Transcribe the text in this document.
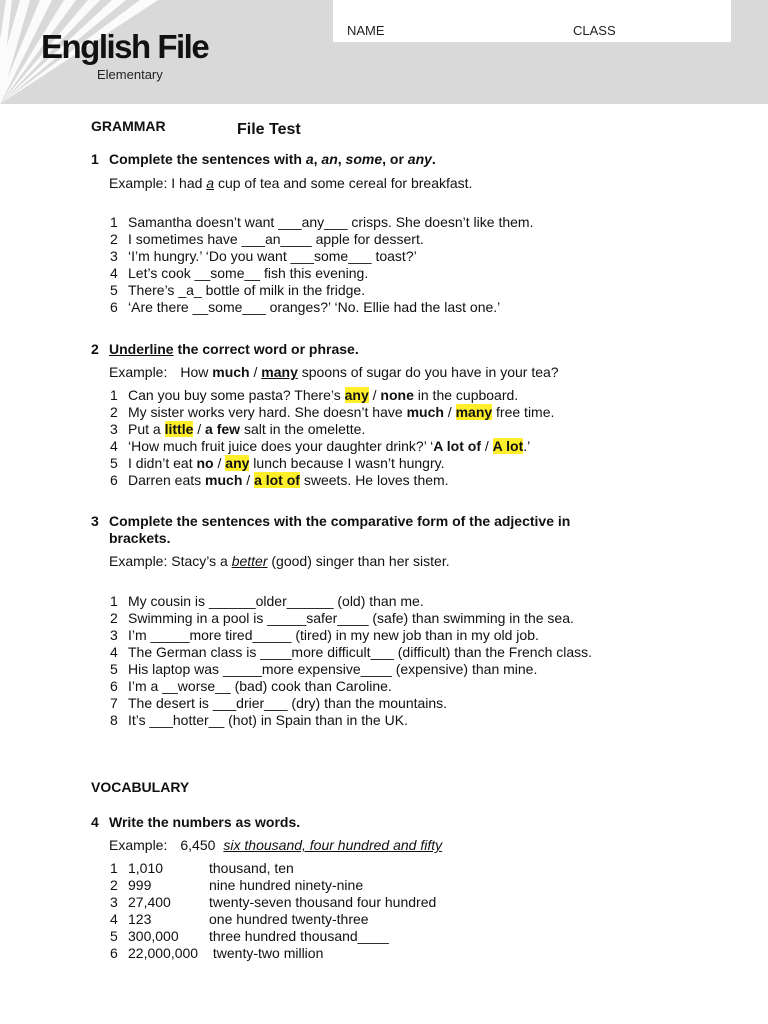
English File
Elementary
NAME	CLASS
GRAMMAR	File Test
1 Complete the sentences with a, an, some, or any.
Example: I had a cup of tea and some cereal for breakfast.
1 Samantha doesn’t want ___any___ crisps. She doesn’t like them.
2 I sometimes have ___an____ apple for dessert.
3 ‘I’m hungry.’ ‘Do you want ___some___ toast?’
4 Let’s cook __some__ fish this evening.
5 There’s _a_ bottle of milk in the fridge.
6 ‘Are there __some___ oranges?’ ‘No. Ellie had the last one.’
2 Underline the correct word or phrase.
Example: How much / many spoons of sugar do you have in your tea?
1 Can you buy some pasta? There’s any / none in the cupboard.
2 My sister works very hard. She doesn’t have much / many free time.
3 Put a little / a few salt in the omelette.
4 ‘How much fruit juice does your daughter drink?’ ‘A lot of / A lot.’
5 I didn’t eat no / any lunch because I wasn’t hungry.
6 Darren eats much / a lot of sweets. He loves them.
3 Complete the sentences with the comparative form of the adjective in
brackets.
Example: Stacy’s a better (good) singer than her sister.
1 My cousin is ______older______ (old) than me.
2 Swimming in a pool is _____safer____ (safe) than swimming in the sea.
3 I’m _____more tired_____ (tired) in my new job than in my old job.
4 The German class is ____more difficult___ (difficult) than the French class.
5 His laptop was _____more expensive____ (expensive) than mine.
6 I’m a __worse__ (bad) cook than Caroline.
7 The desert is ___drier___ (dry) than the mountains.
8 It’s ___hotter__ (hot) in Spain than in the UK.
VOCABULARY
4 Write the numbers as words.
Example: 6,450 six thousand, four hundred and fifty
1 1,010	thousand, ten
2 999	nine hundred ninety-nine
3 27,400	twenty-seven thousand four hundred
4 123	one hundred twenty-three
5 300,000 three hundred thousand____
6 22,000,000 twenty-two million
